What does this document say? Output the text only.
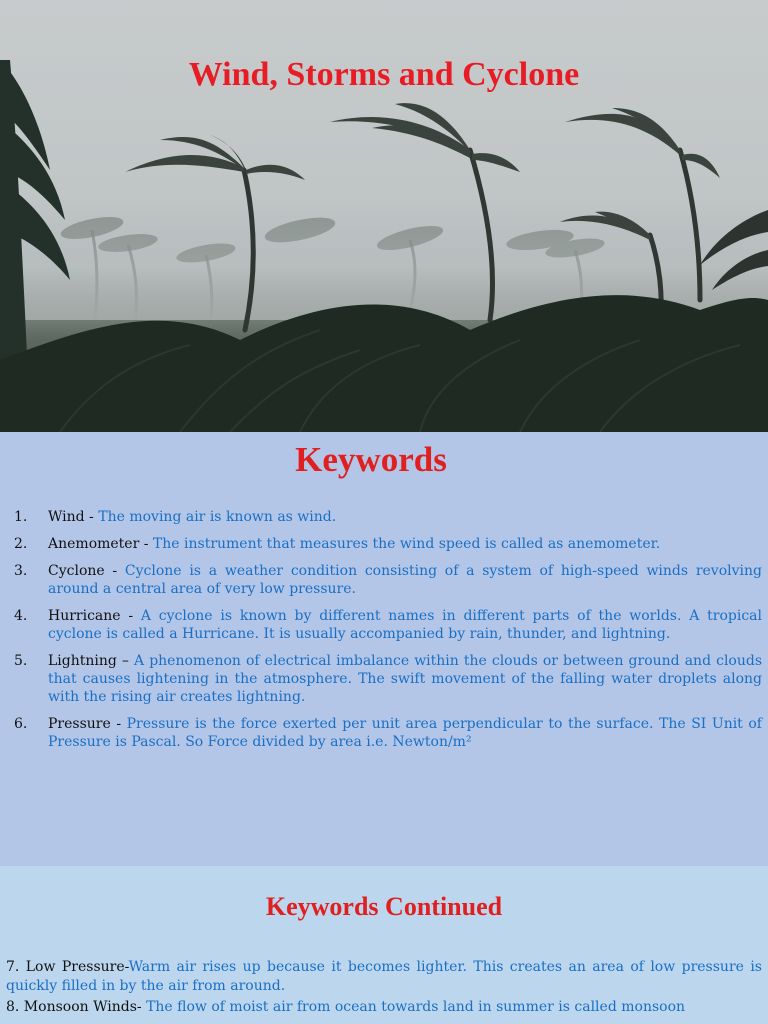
Wind, Storms and Cyclone
Keywords
1. Wind - The moving air is known as wind.
2. Anemometer - The instrument that measures the wind speed is called as anemometer.
3. Cyclone - Cyclone is a weather condition consisting of a system of high-speed winds revolving around a central area of very low pressure.
4. Hurricane - A cyclone is known by different names in different parts of the worlds. A tropical cyclone is called a Hurricane. It is usually accompanied by rain, thunder, and lightning.
5. Lightning – A phenomenon of electrical imbalance within the clouds or between ground and clouds that causes lightening in the atmosphere. The swift movement of the falling water droplets along with the rising air creates lightning.
6. Pressure - Pressure is the force exerted per unit area perpendicular to the surface. The SI Unit of Pressure is Pascal. So Force divided by area i.e. Newton/m²
Keywords Continued
7. Low Pressure-Warm air rises up because it becomes lighter. This creates an area of low pressure is quickly filled in by the air from around.
8. Monsoon Winds- The flow of moist air from ocean towards land in summer is called monsoon
